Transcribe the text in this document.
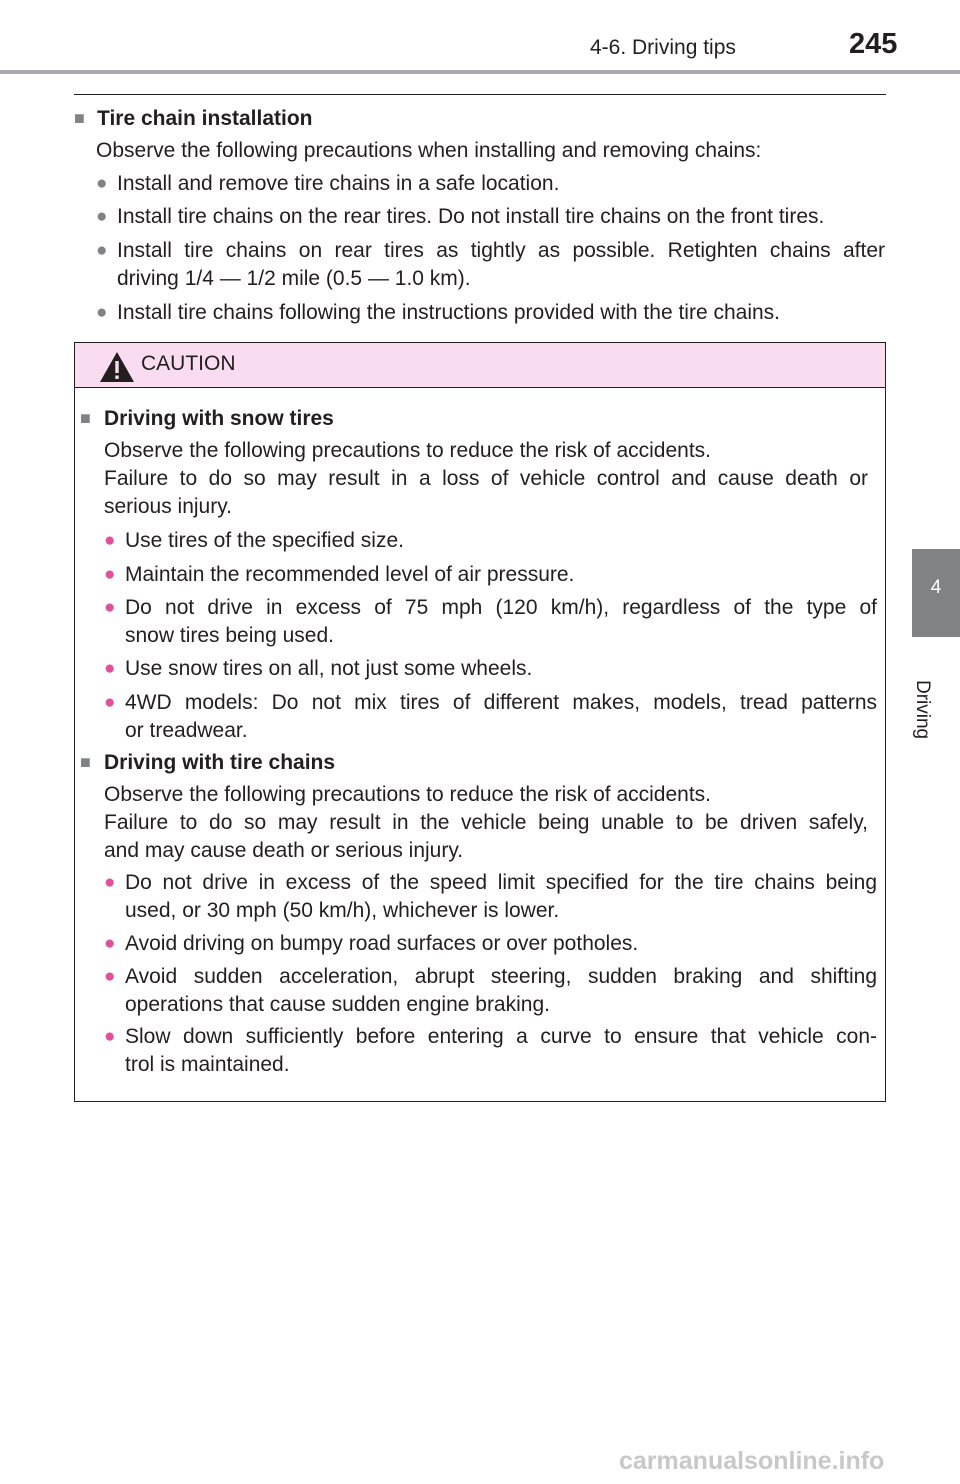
4-6. Driving tips	245
4
Driving
■ Tire chain installation
Observe the following precautions when installing and removing chains:
● Install and remove tire chains in a safe location.
● Install tire chains on the rear tires. Do not install tire chains on the front tires.
● Install tire chains on rear tires as tightly as possible. Retighten chains after
driving 1/4 — 1/2 mile (0.5 — 1.0 km).
● Install tire chains following the instructions provided with the tire chains.
CAUTION
■ Driving with snow tires
Observe the following precautions to reduce the risk of accidents.
Failure to do so may result in a loss of vehicle control and cause death or
serious injury.
● Use tires of the specified size.
● Maintain the recommended level of air pressure.
● Do not drive in excess of 75 mph (120 km/h), regardless of the type of
snow tires being used.
● Use snow tires on all, not just some wheels.
● 4WD models: Do not mix tires of different makes, models, tread patterns
or treadwear.
■ Driving with tire chains
Observe the following precautions to reduce the risk of accidents.
Failure to do so may result in the vehicle being unable to be driven safely,
and may cause death or serious injury.
● Do not drive in excess of the speed limit specified for the tire chains being
used, or 30 mph (50 km/h), whichever is lower.
● Avoid driving on bumpy road surfaces or over potholes.
● Avoid sudden acceleration, abrupt steering, sudden braking and shifting
operations that cause sudden engine braking.
● Slow down sufficiently before entering a curve to ensure that vehicle con-
trol is maintained.
carmanualsonline.info
